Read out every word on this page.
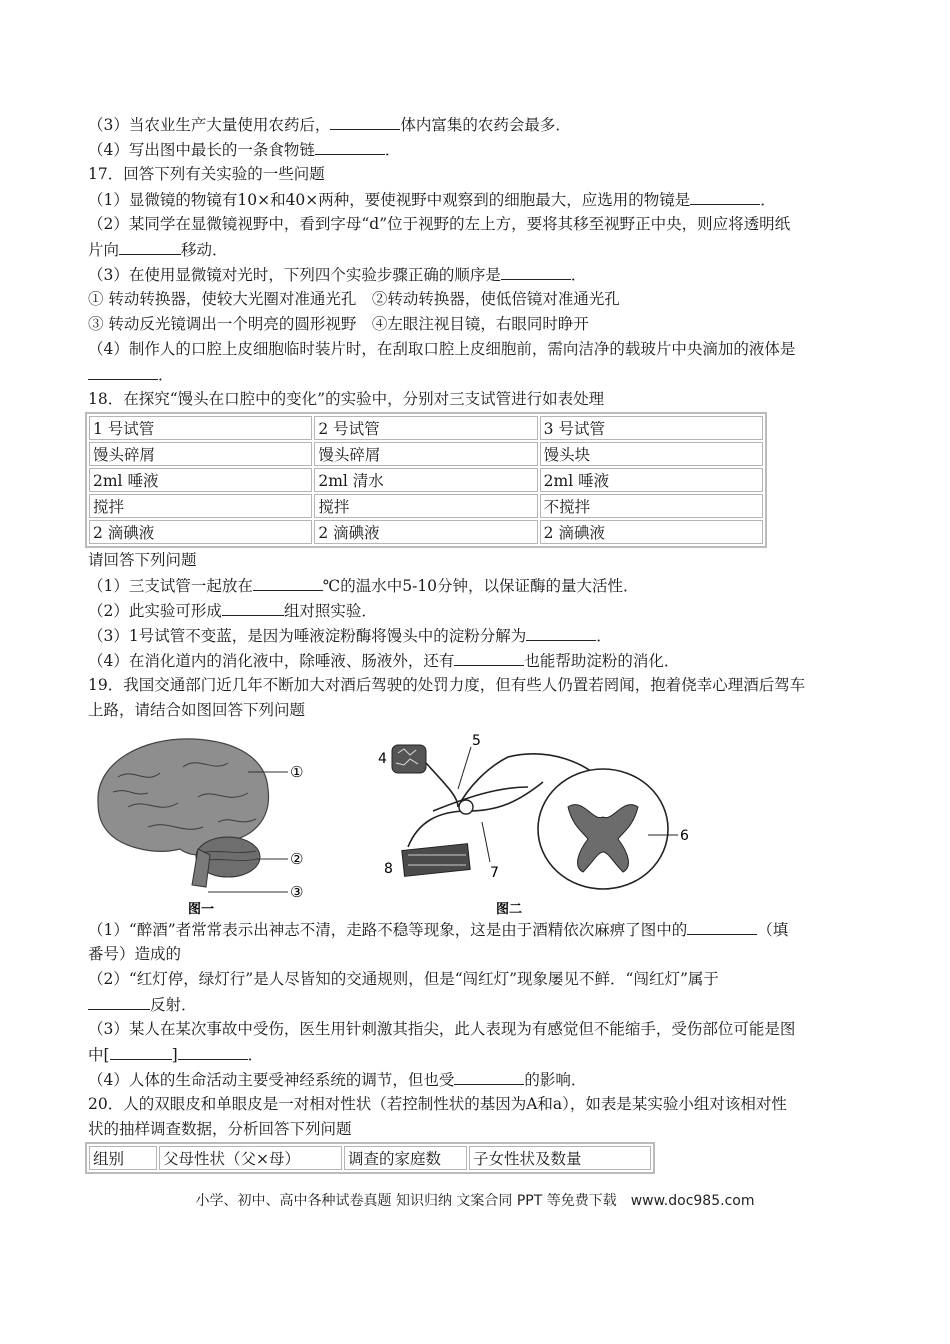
（3）当农业生产大量使用农药后，	体内富集的农药会最多．
（4）写出图中最长的一条食物链	．
17．回答下列有关实验的一些问题
（1）显微镜的物镜有10×和40×两种，要使视野中观察到的细胞最大，应选用的物镜是	．
（2）某同学在显微镜视野中，看到字母“d”位于视野的左上方，要将其移至视野正中央，则应将透明纸
片向	移动．
（3）在使用显微镜对光时，下列四个实验步骤正确的顺序是	．
① 转动转换器，使较大光圈对准通光孔　②转动转换器，使低倍镜对准通光孔
③ 转动反光镜调出一个明亮的圆形视野　④左眼注视目镜，右眼同时睁开
（4）制作人的口腔上皮细胞临时装片时，在刮取口腔上皮细胞前，需向洁净的载玻片中央滴加的液体是
．
18．在探究“馒头在口腔中的变化”的实验中，分别对三支试管进行如表处理
1 号试管	2 号试管	3 号试管
馒头碎屑	馒头碎屑	馒头块
2ml 唾液	2ml 清水	2ml 唾液
搅拌	搅拌	不搅拌
2 滴碘液	2 滴碘液	2 滴碘液
请回答下列问题
（1）三支试管一起放在	℃的温水中5-10分钟，以保证酶的量大活性．
（2）此实验可形成	组对照实验．
（3）1号试管不变蓝，是因为唾液淀粉酶将馒头中的淀粉分解为	．
（4）在消化道内的消化液中，除唾液、肠液外，还有	也能帮助淀粉的消化．
19．我国交通部门近几年不断加大对酒后驾驶的处罚力度，但有些人仍置若罔闻，抱着侥幸心理酒后驾车
上路，请结合如图回答下列问题
①
②
③
4
5
6
7
8
图一	图二
（1）“醉酒”者常常表示出神志不清，走路不稳等现象，这是由于酒精依次麻痹了图中的	（填
番号）造成的
（2）“红灯停，绿灯行”是人尽皆知的交通规则，但是“闯红灯”现象屡见不鲜．“闯红灯”属于
反射．
（3）某人在某次事故中受伤，医生用针刺激其指尖，此人表现为有感觉但不能缩手，受伤部位可能是图
中[	]	．
（4）人体的生命活动主要受神经系统的调节，但也受	的影响．
20．人的双眼皮和单眼皮是一对相对性状（若控制性状的基因为A和a），如表是某实验小组对该相对性
状的抽样调查数据，分析回答下列问题
组别	父母性状（父×母）	调查的家庭数	子女性状及数量
小学、初中、高中各种试卷真题 知识归纳 文案合同 PPT 等免费下载　www.doc985.com
